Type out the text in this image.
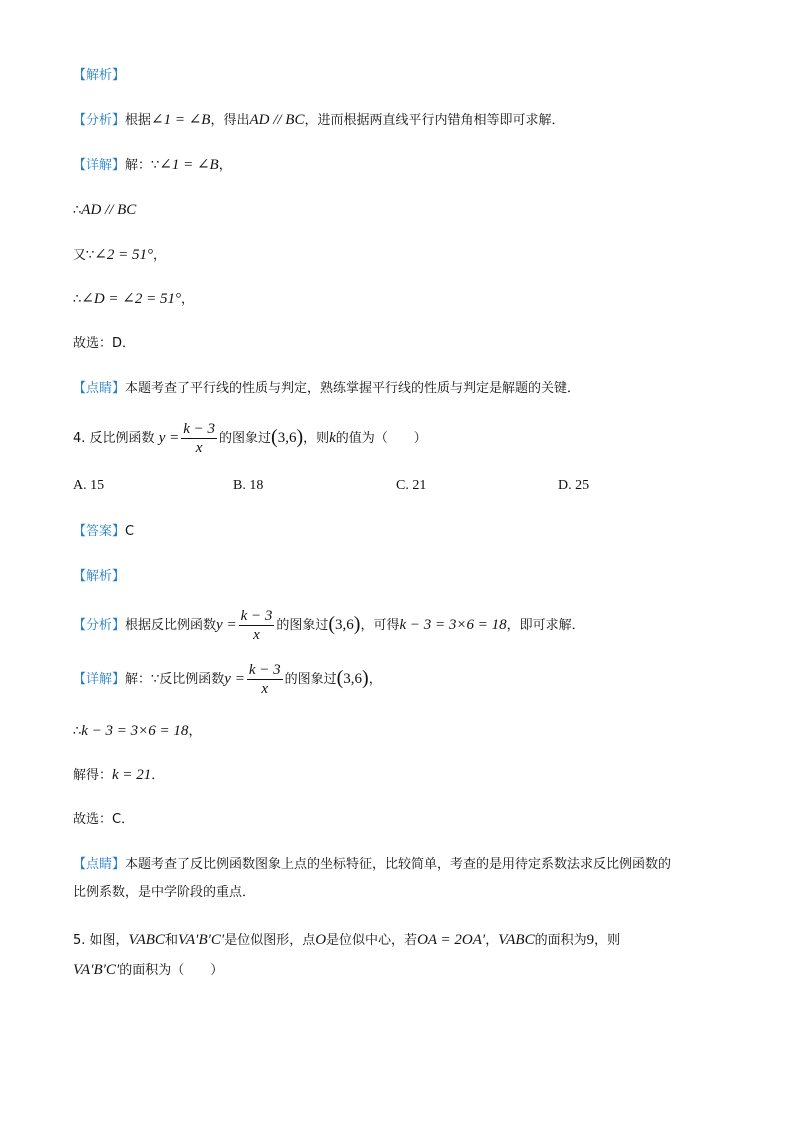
【解析】
【分析】根据∠1 = ∠B，得出AD // BC，进而根据两直线平行内错角相等即可求解．
【详解】解：∵∠1 = ∠B，
∴AD // BC
又∵∠2 = 51°，
∴∠D = ∠2 = 51°，
故选：D．
【点睛】本题考查了平行线的性质与判定，熟练掌握平行线的性质与判定是解题的关键．
4. 反比例函数 $y = \frac{k - 3}{x}$ 的图象过(3,6)，则k的值为（　　）
A. 15	B. 18	C. 21	D. 25
【答案】C
【解析】
【分析】根据反比例函数$y = \frac{k - 3}{x}$ 的图象过(3,6)，可得k − 3 = 3×6 = 18，即可求解．
【详解】解：∵反比例函数$y = \frac{k - 3}{x}$ 的图象过(3,6)，
∴k − 3 = 3×6 = 18，
解得：k = 21．
故选：C．
【点睛】本题考查了反比例函数图象上点的坐标特征，比较简单，考查的是用待定系数法求反比例函数的
比例系数，是中学阶段的重点．
5. 如图，VABC和VA′B′C′是位似图形，点O是位似中心，若OA = 2OA′，VABC的面积为9，则
VA′B′C′的面积为（　　）
